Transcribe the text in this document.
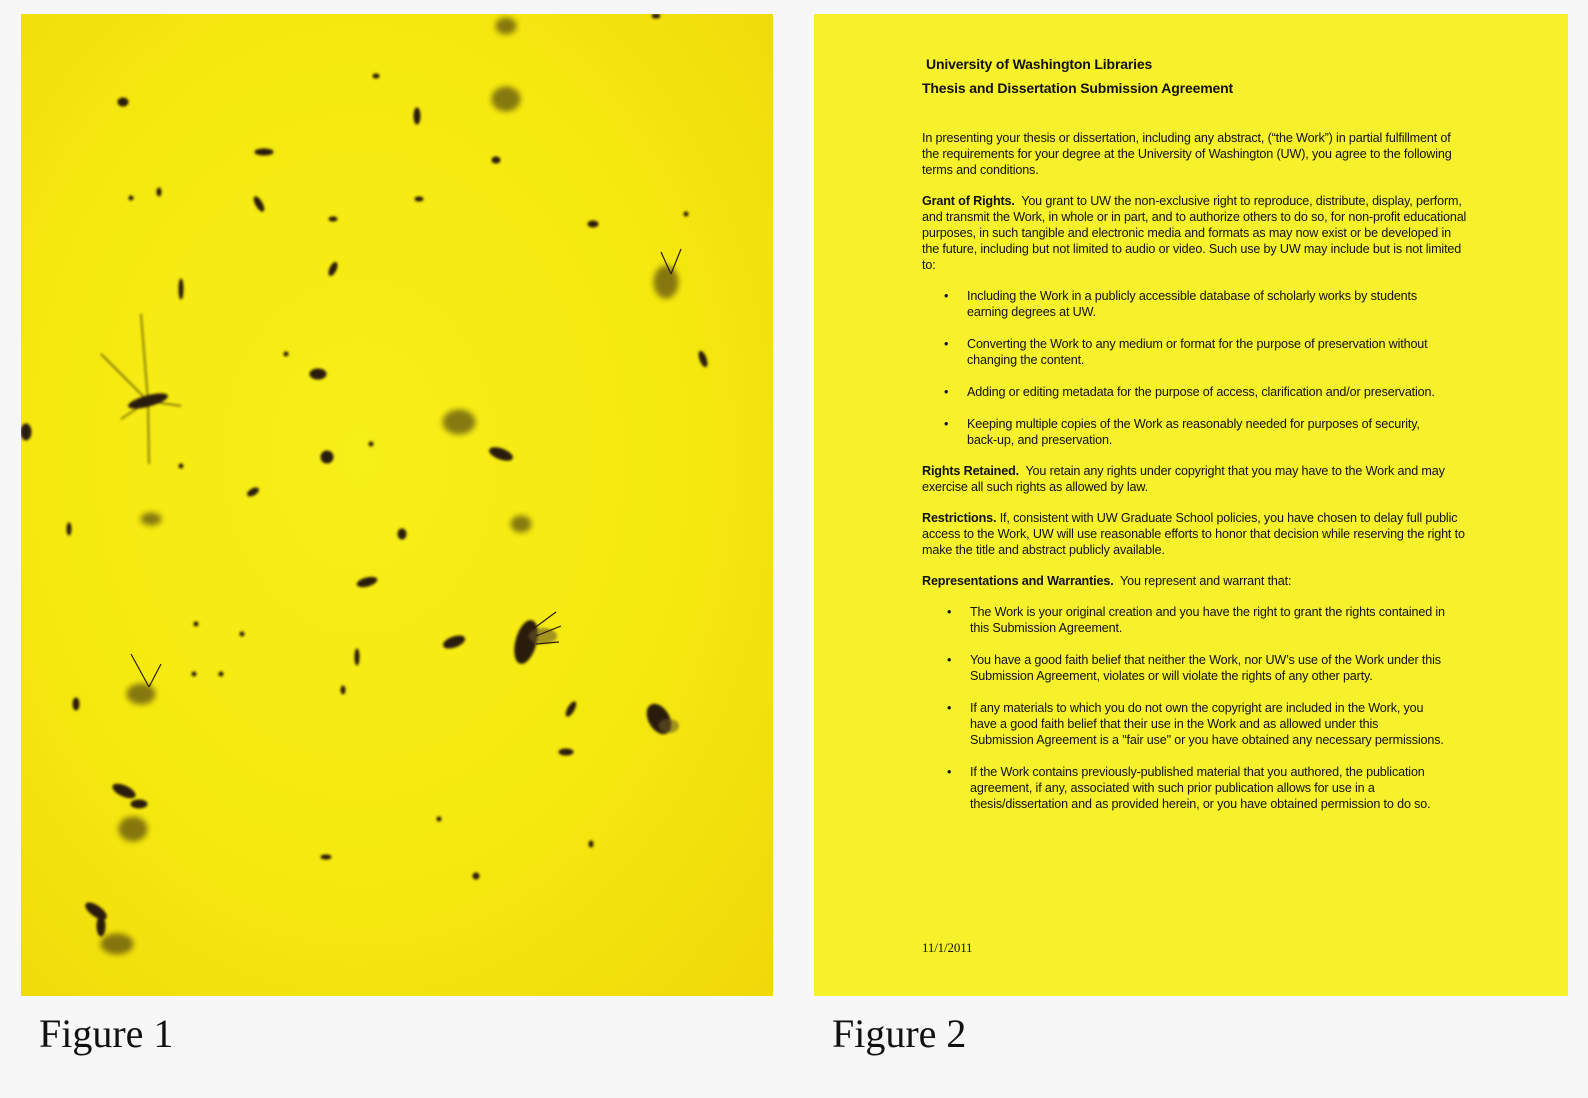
University of Washington Libraries
Thesis and Dissertation Submission Agreement

In presenting your thesis or dissertation, including any abstract, (“the Work”) in partial fulfillment of the requirements for your degree at the University of Washington (UW), you agree to the following terms and conditions.

Grant of Rights. You grant to UW the non-exclusive right to reproduce, distribute, display, perform, and transmit the Work, in whole or in part, and to authorize others to do so, for non-profit educational purposes, in such tangible and electronic media and formats as may now exist or be developed in the future, including but not limited to audio or video. Such use by UW may include but is not limited to:

• Including the Work in a publicly accessible database of scholarly works by students earning degrees at UW.
• Converting the Work to any medium or format for the purpose of preservation without changing the content.
• Adding or editing metadata for the purpose of access, clarification and/or preservation.
• Keeping multiple copies of the Work as reasonably needed for purposes of security, back-up, and preservation.

Rights Retained. You retain any rights under copyright that you may have to the Work and may exercise all such rights as allowed by law.

Restrictions. If, consistent with UW Graduate School policies, you have chosen to delay full public access to the Work, UW will use reasonable efforts to honor that decision while reserving the right to make the title and abstract publicly available.

Representations and Warranties. You represent and warrant that:

• The Work is your original creation and you have the right to grant the rights contained in this Submission Agreement.
• You have a good faith belief that neither the Work, nor UW’s use of the Work under this Submission Agreement, violates or will violate the rights of any other party.
• If any materials to which you do not own the copyright are included in the Work, you have a good faith belief that their use in the Work and as allowed under this Submission Agreement is a "fair use" or you have obtained any necessary permissions.
• If the Work contains previously-published material that you authored, the publication agreement, if any, associated with such prior publication allows for use in a thesis/dissertation and as provided herein, or you have obtained permission to do so.
11/1/2011
Figure 1	Figure 2
